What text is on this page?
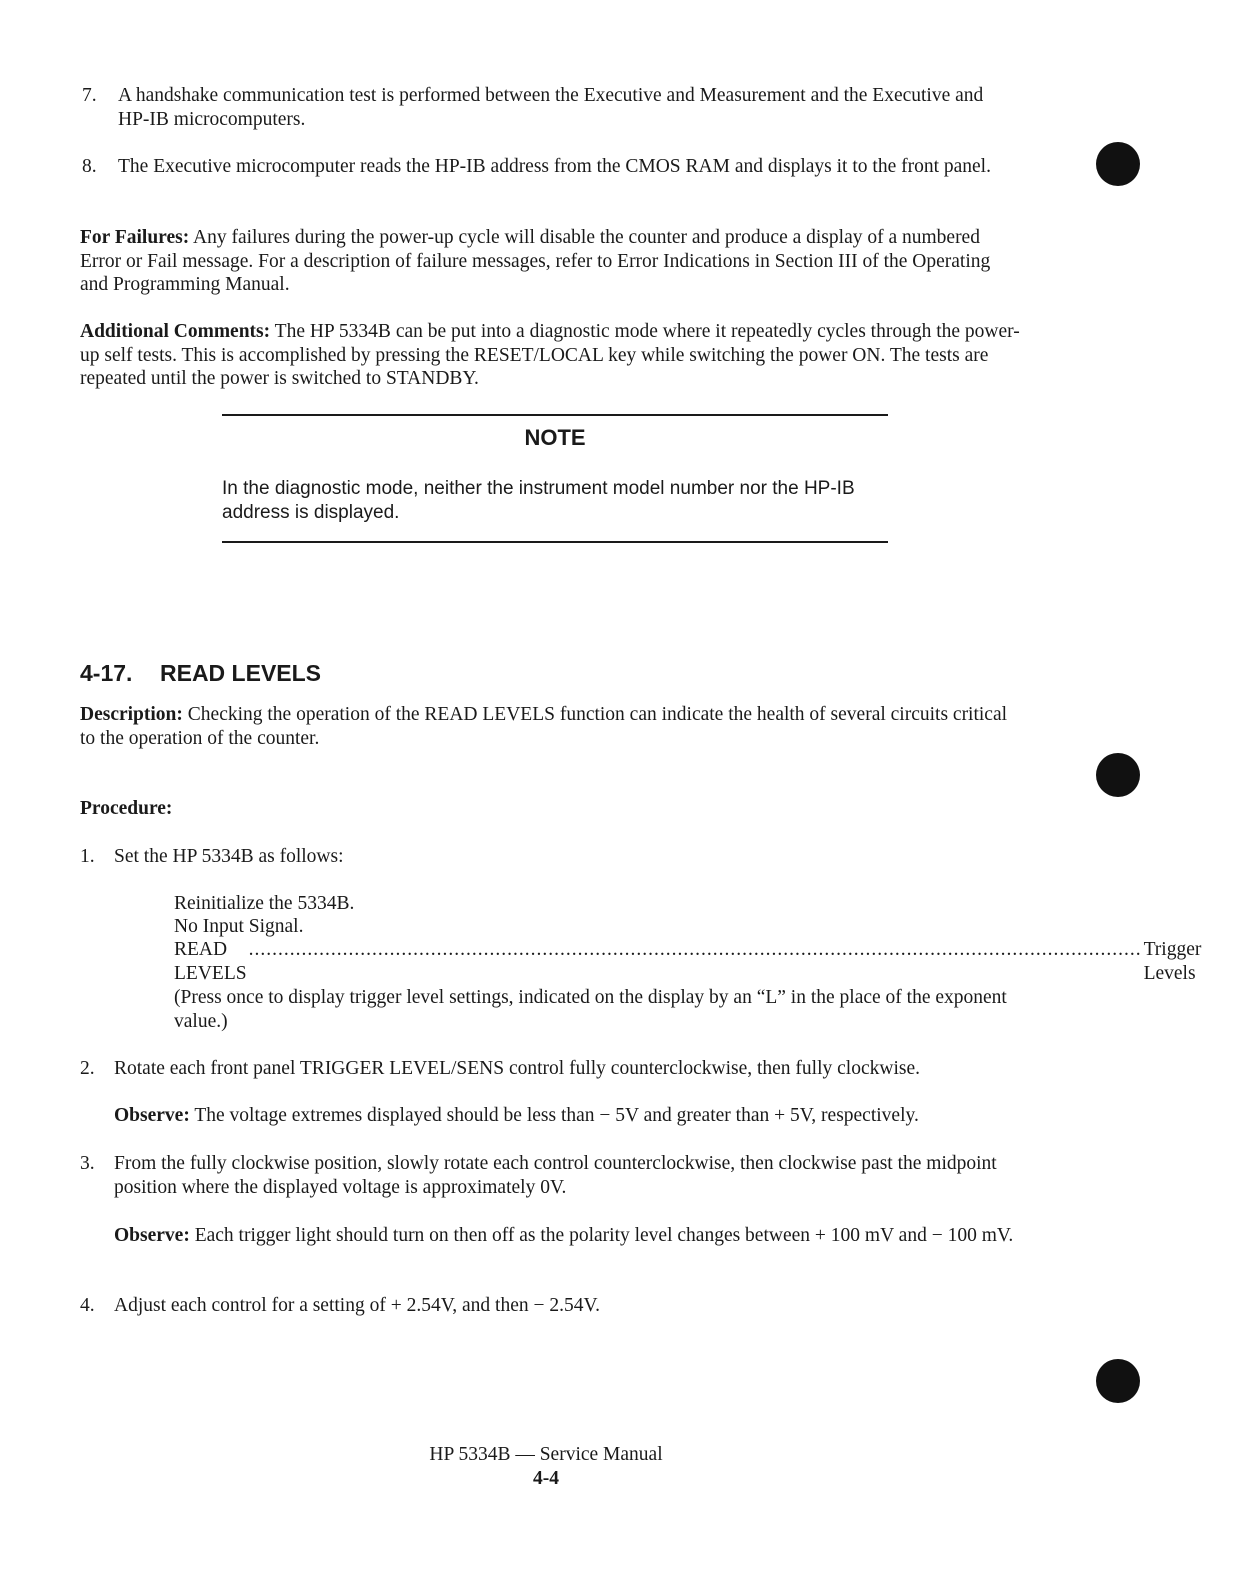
7. A handshake communication test is performed between the Executive and Measurement and the Executive and HP-IB microcomputers.
8. The Executive microcomputer reads the HP-IB address from the CMOS RAM and displays it to the front panel.
For Failures: Any failures during the power-up cycle will disable the counter and produce a display of a numbered Error or Fail message. For a description of failure messages, refer to Error Indications in Section III of the Operating and Programming Manual.
Additional Comments: The HP 5334B can be put into a diagnostic mode where it repeatedly cycles through the power-up self tests. This is accomplished by pressing the RESET/LOCAL key while switching the power ON. The tests are repeated until the power is switched to STANDBY.
NOTE
In the diagnostic mode, neither the instrument model number nor the HP-IB address is displayed.
4-17. READ LEVELS
Description: Checking the operation of the READ LEVELS function can indicate the health of several circuits critical to the operation of the counter.
Procedure:
1. Set the HP 5334B as follows:
Reinitialize the 5334B.
No Input Signal.
READ LEVELS
........................................................................................................................................................ Trigger Levels
(Press once to display trigger level settings, indicated on the display by an “L” in the place of the exponent value.)
2. Rotate each front panel TRIGGER LEVEL/SENS control fully counterclockwise, then fully clockwise.
Observe: The voltage extremes displayed should be less than − 5V and greater than + 5V, respectively.
3. From the fully clockwise position, slowly rotate each control counterclockwise, then clockwise past the midpoint position where the displayed voltage is approximately 0V.
Observe: Each trigger light should turn on then off as the polarity level changes between + 100 mV and − 100 mV.
4. Adjust each control for a setting of + 2.54V, and then − 2.54V.
HP 5334B — Service Manual
4-4
